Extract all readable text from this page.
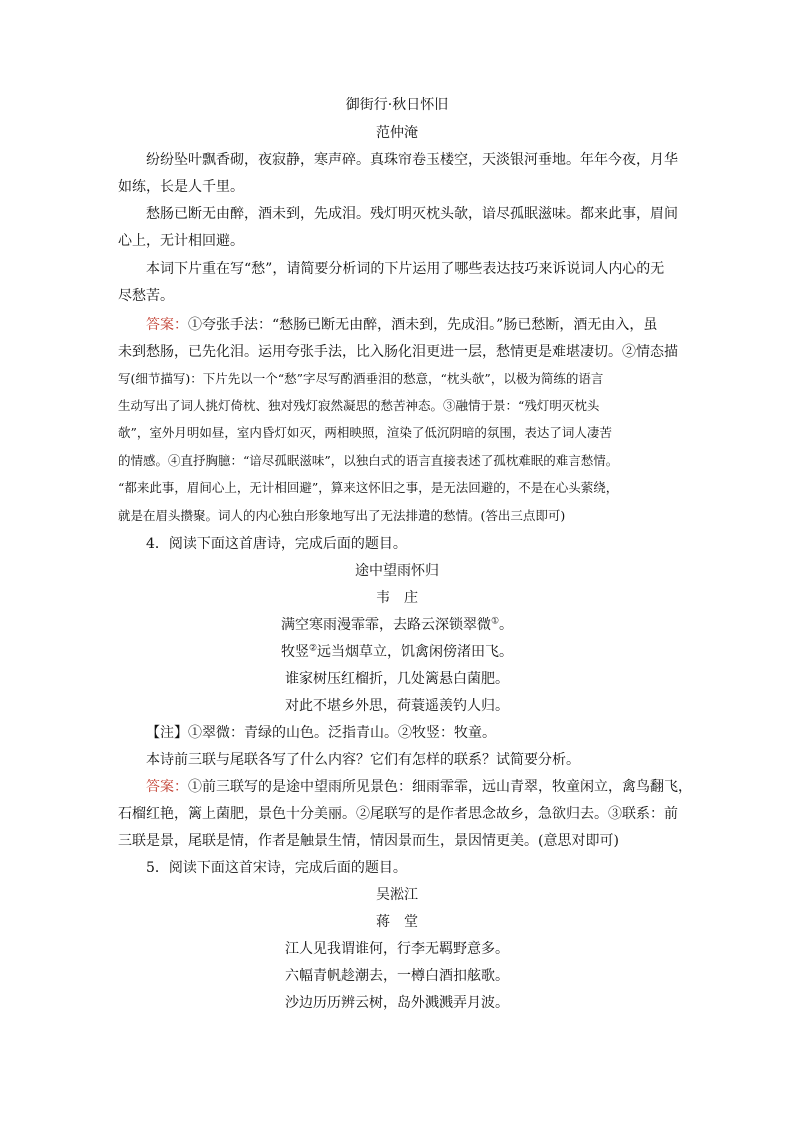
御街行·秋日怀旧
范仲淹
纷纷坠叶飘香砌，夜寂静，寒声碎。真珠帘卷玉楼空，天淡银河垂地。年年今夜，月华
如练，长是人千里。
愁肠已断无由醉，酒未到，先成泪。残灯明灭枕头欹，谙尽孤眠滋味。都来此事，眉间
心上，无计相回避。
本词下片重在写“愁”，请简要分析词的下片运用了哪些表达技巧来诉说词人内心的无
尽愁苦。
答案：①夸张手法：“愁肠已断无由醉，酒未到，先成泪。”肠已愁断，酒无由入，虽
未到愁肠，已先化泪。运用夸张手法，比入肠化泪更进一层，愁情更是难堪凄切。②情态描
写(细节描写)：下片先以一个“愁”字尽写酌酒垂泪的愁意，“枕头欹”，以极为简练的语言
生动写出了词人挑灯倚枕、独对残灯寂然凝思的愁苦神态。③融情于景：“残灯明灭枕头
欹”，室外月明如昼，室内昏灯如灭，两相映照，渲染了低沉阴暗的氛围，表达了词人凄苦
的情感。④直抒胸臆：“谙尽孤眠滋味”，以独白式的语言直接表述了孤枕难眠的难言愁情。
“都来此事，眉间心上，无计相回避”，算来这怀旧之事，是无法回避的，不是在心头萦绕，
就是在眉头攒聚。词人的内心独白形象地写出了无法排遣的愁情。(答出三点即可)
4．阅读下面这首唐诗，完成后面的题目。
途中望雨怀归
韦　庄
满空寒雨漫霏霏，去路云深锁翠微①。
牧竖②远当烟草立，饥禽闲傍渚田飞。
谁家树压红榴折，几处篱悬白菌肥。
对此不堪乡外思，荷蓑遥羡钓人归。
【注】①翠微：青绿的山色。泛指青山。②牧竖：牧童。
本诗前三联与尾联各写了什么内容？它们有怎样的联系？试简要分析。
答案：①前三联写的是途中望雨所见景色：细雨霏霏，远山青翠，牧童闲立，禽鸟翻飞，
石榴红艳，篱上菌肥，景色十分美丽。②尾联写的是作者思念故乡，急欲归去。③联系：前
三联是景，尾联是情，作者是触景生情，情因景而生，景因情更美。(意思对即可)
5．阅读下面这首宋诗，完成后面的题目。
吴淞江
蒋　堂
江人见我谓谁何，行李无羁野意多。
六幅青帆趁潮去，一樽白酒扣舷歌。
沙边历历辨云树，岛外溅溅弄月波。
